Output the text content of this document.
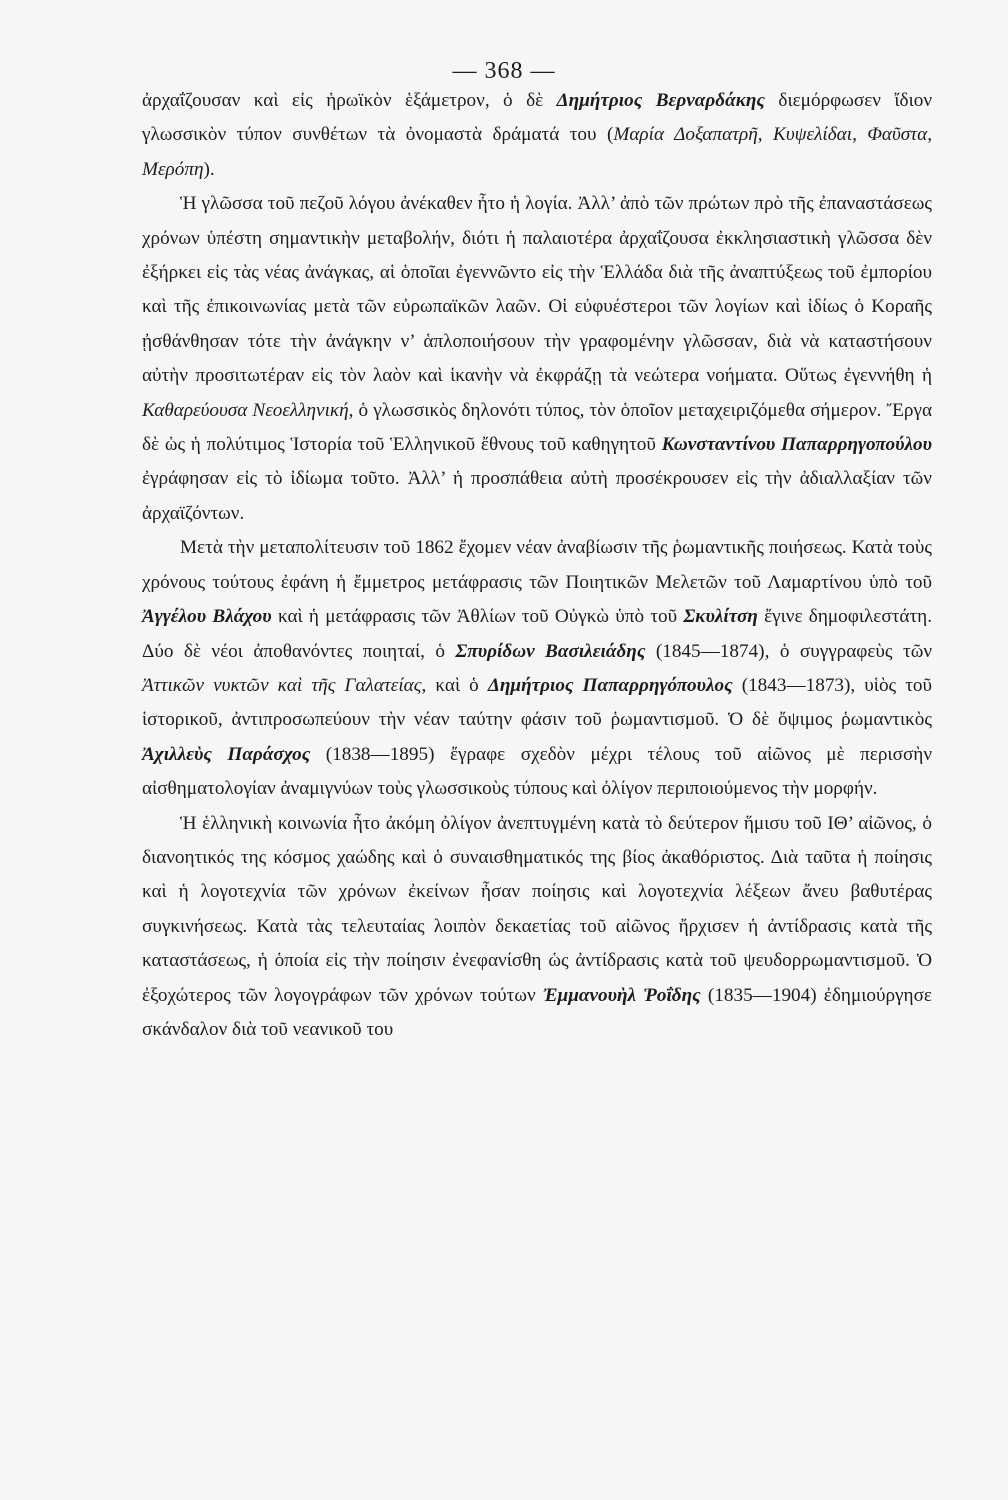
— 368 —

ἀρχαΐζουσαν καὶ εἰς ἡρωϊκὸν ἑξάμετρον, ὁ δὲ Δημήτριος Βερναρδάκης διεμόρφωσεν ἴδιον γλωσσικὸν τύπον συνθέτων τὰ ὀνομαστὰ δράματά του (Μαρία Δοξαπατρῆ, Κυψελίδαι, Φαῦστα, Μερόπη).

Ἡ γλῶσσα τοῦ πεζοῦ λόγου ἀνέκαθεν ἦτο ἡ λογία. Ἀλλ’ ἀπὸ τῶν πρώτων πρὸ τῆς ἐπαναστάσεως χρόνων ὑπέστη σημαντικὴν μεταβολήν, διότι ἡ παλαιοτέρα ἀρχαΐζουσα ἐκκλησιαστικὴ γλῶσσα δὲν ἐξήρκει εἰς τὰς νέας ἀνάγκας, αἱ ὁποῖαι ἐγεννῶντο εἰς τὴν Ἑλλάδα διὰ τῆς ἀναπτύξεως τοῦ ἐμπορίου καὶ τῆς ἐπικοινωνίας μετὰ τῶν εὐρωπαϊκῶν λαῶν. Οἱ εὐφυέστεροι τῶν λογίων καὶ ἰδίως ὁ Κοραῆς ᾐσθάνθησαν τότε τὴν ἀνάγκην ν’ ἁπλοποιήσουν τὴν γραφομένην γλῶσσαν, διὰ νὰ καταστήσουν αὐτὴν προσιτωτέραν εἰς τὸν λαὸν καὶ ἱκανὴν νὰ ἐκφράζῃ τὰ νεώτερα νοήματα. Οὕτως ἐγεννήθη ἡ Καθαρεύουσα Νεοελληνική, ὁ γλωσσικὸς δηλονότι τύπος, τὸν ὁποῖον μεταχειριζόμεθα σήμερον. Ἔργα δὲ ὡς ἡ πολύτιμος Ἱστορία τοῦ Ἑλληνικοῦ ἔθνους τοῦ καθηγητοῦ Κωνσταντίνου Παπαρρηγοπούλου ἐγράφησαν εἰς τὸ ἰδίωμα τοῦτο. Ἀλλ’ ἡ προσπάθεια αὐτὴ προσέκρουσεν εἰς τὴν ἀδιαλλαξίαν τῶν ἀρχαϊζόντων.

Μετὰ τὴν μεταπολίτευσιν τοῦ 1862 ἔχομεν νέαν ἀναβίωσιν τῆς ῥωμαντικῆς ποιήσεως. Κατὰ τοὺς χρόνους τούτους ἐφάνη ἡ ἔμμετρος μετάφρασις τῶν Ποιητικῶν Μελετῶν τοῦ Λαμαρτίνου ὑπὸ τοῦ Ἀγγέλου Βλάχου καὶ ἡ μετάφρασις τῶν Ἀθλίων τοῦ Οὐγκὼ ὑπὸ τοῦ Σκυλίτση ἔγινε δημοφιλεστάτη. Δύο δὲ νέοι ἀποθανόντες ποιηταί, ὁ Σπυρίδων Βασιλειάδης (1845—1874), ὁ συγγραφεὺς τῶν Ἀττικῶν νυκτῶν καὶ τῆς Γαλατείας, καὶ ὁ Δημήτριος Παπαρρηγόπουλος (1843—1873), υἱὸς τοῦ ἱστορικοῦ, ἀντιπροσωπεύουν τὴν νέαν ταύτην φάσιν τοῦ ῥωμαντισμοῦ. Ὁ δὲ ὄψιμος ῥωμαντικὸς Ἀχιλλεὺς Παράσχος (1838—1895) ἔγραφε σχεδὸν μέχρι τέλους τοῦ αἰῶνος μὲ περισσὴν αἰσθηματολογίαν ἀναμιγνύων τοὺς γλωσσικοὺς τύπους καὶ ὀλίγον περιποιούμενος τὴν μορφήν.

Ἡ ἑλληνικὴ κοινωνία ἦτο ἀκόμη ὀλίγον ἀνεπτυγμένη κατὰ τὸ δεύτερον ἥμισυ τοῦ ΙΘ’ αἰῶνος, ὁ διανοητικός της κόσμος χαώδης καὶ ὁ συναισθηματικός της βίος ἀκαθόριστος. Διὰ ταῦτα ἡ ποίησις καὶ ἡ λογοτεχνία τῶν χρόνων ἐκείνων ἦσαν ποίησις καὶ λογοτεχνία λέξεων ἄνευ βαθυτέρας συγκινήσεως. Κατὰ τὰς τελευταίας λοιπὸν δεκαετίας τοῦ αἰῶνος ἤρχισεν ἡ ἀντίδρασις κατὰ τῆς καταστάσεως, ἡ ὁποία εἰς τὴν ποίησιν ἐνεφανίσθη ὡς ἀντίδρασις κατὰ τοῦ ψευδορρωμαντισμοῦ. Ὁ ἐξοχώτερος τῶν λογογράφων τῶν χρόνων τούτων Ἐμμανουὴλ Ῥοΐδης (1835—1904) ἐδημιούργησε σκάνδαλον διὰ τοῦ νεανικοῦ του
